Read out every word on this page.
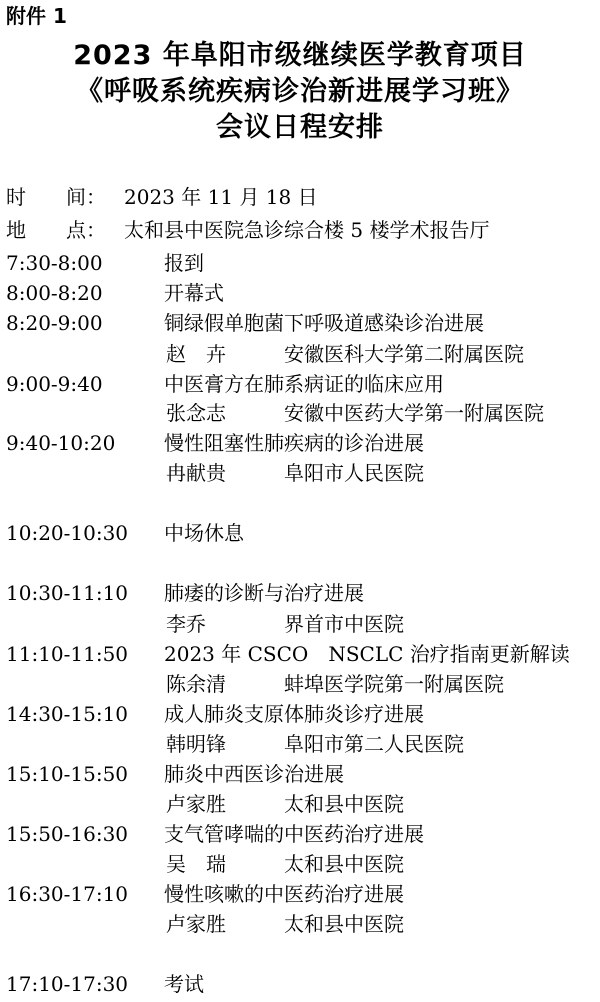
附件 1
2023 年阜阳市级继续医学教育项目
《呼吸系统疾病诊治新进展学习班》
会议日程安排
时　　间： 2023 年 11 月 18 日
地　　点： 太和县中医院急诊综合楼 5 楼学术报告厅
7:30-8:00	报到
8:00-8:20	开幕式
8:20-9:00	铜绿假单胞菌下呼吸道感染诊治进展
赵　卉	安徽医科大学第二附属医院
9:00-9:40	中医膏方在肺系病证的临床应用
张念志	安徽中医药大学第一附属医院
9:40-10:20 慢性阻塞性肺疾病的诊治进展
冉献贵	阜阳市人民医院
10:20-10:30 中场休息
10:30-11:10 肺痿的诊断与治疗进展
李乔	界首市中医院
11:10-11:50 2023 年 CSCO　NSCLC 治疗指南更新解读
陈余清	蚌埠医学院第一附属医院
14:30-15:10 成人肺炎支原体肺炎诊疗进展
韩明锋	阜阳市第二人民医院
15:10-15:50 肺炎中西医诊治进展
卢家胜	太和县中医院
15:50-16:30 支气管哮喘的中医药治疗进展
吴　瑞	太和县中医院
16:30-17:10 慢性咳嗽的中医药治疗进展
卢家胜	太和县中医院
17:10-17:30 考试
